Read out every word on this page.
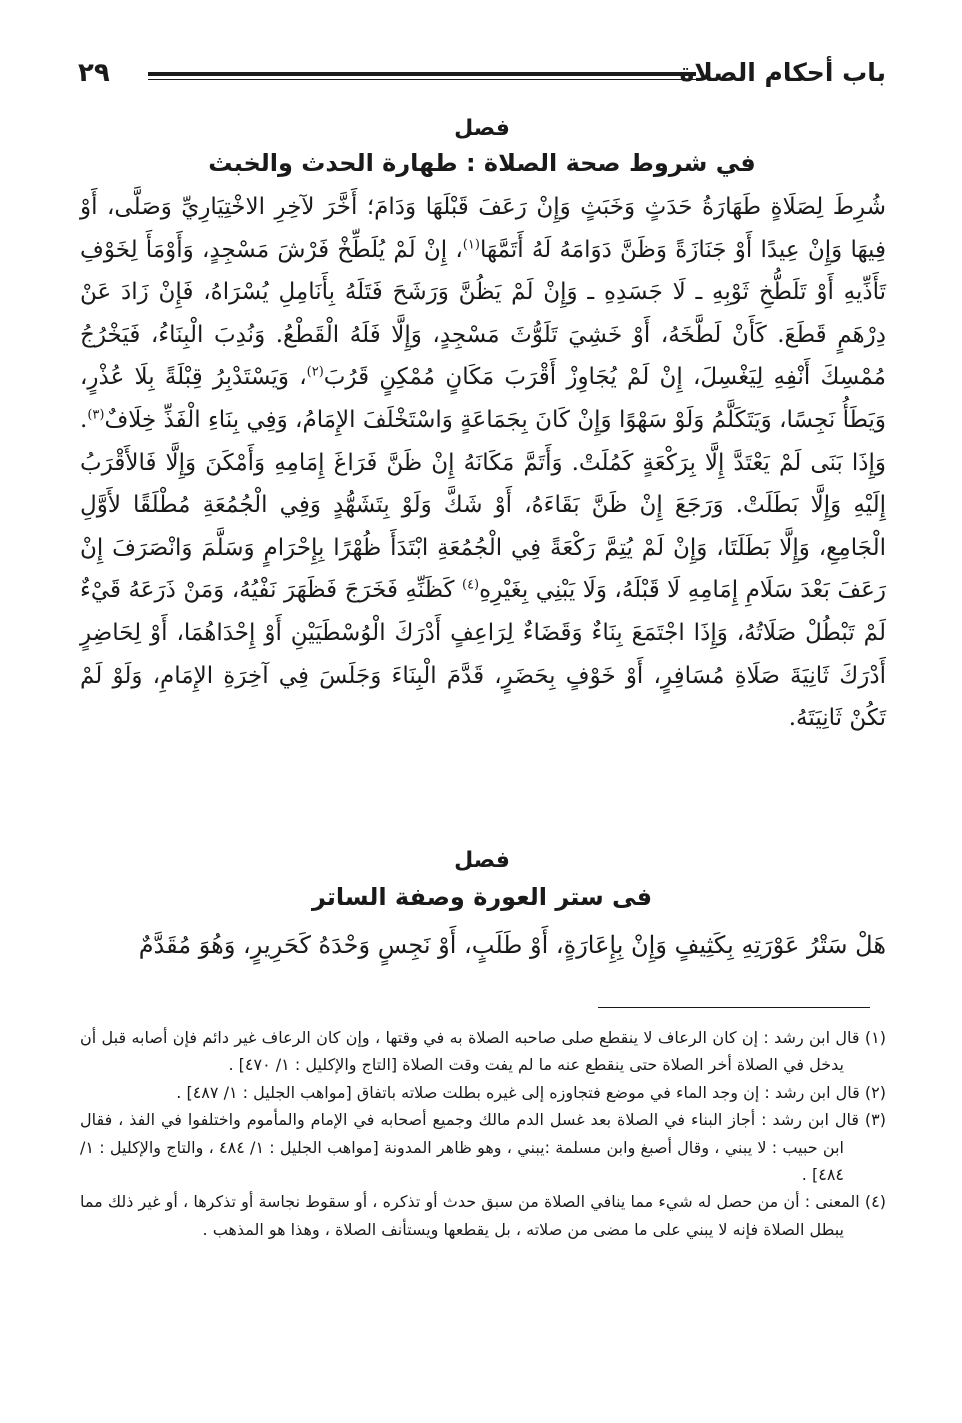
باب أحكام الصلاة
٢٩
فصل
في شروط صحة الصلاة : طهارة الحدث والخبث

شُرِطَ لِصَلَاةٍ طَهَارَةُ حَدَثٍ وَخَبَثٍ وَإِنْ رَعَفَ قَبْلَهَا وَدَامَ؛ أَخَّرَ لآخِرِ الاخْتِيَارِيِّ وَصَلَّى، أَوْ فِيهَا وَإِنْ عِيدًا أَوْ جَنَازَةً وَظَنَّ دَوَامَهُ لَهُ أَتَمَّهَا$^{(١)}$، إِنْ لَمْ يُلَطِّخْ فَرْشَ مَسْجِدٍ، وَأَوْمَأَ لِخَوْفِ تَأَذِّيهِ أَوْ تَلَطُّخِ ثَوْبِهِ ـ لَا جَسَدِهِ ـ وَإِنْ لَمْ يَظُنَّ وَرَشَحَ فَتَلَهُ بِأَنَامِلِ يُسْرَاهُ، فَإِنْ زَادَ عَنْ دِرْهَمٍ قَطَعَ. كَأَنْ لَطَّخَهُ، أَوْ خَشِيَ تَلَوُّثَ مَسْجِدٍ، وَإِلَّا فَلَهُ الْقَطْعُ. وَنُدِبَ الْبِنَاءُ، فَيَخْرُجُ مُمْسِكَ أَنْفِهِ لِيَغْسِلَ، إِنْ لَمْ يُجَاوِزْ أَقْرَبَ مَكَانٍ مُمْكِنٍ قَرُبَ$^{(٢)}$، وَيَسْتَدْبِرُ قِبْلَةً بِلَا عُذْرٍ، وَيَطَأُ نَجِسًا، وَيَتَكَلَّمُ وَلَوْ سَهْوًا وَإِنْ كَانَ بِجَمَاعَةٍ وَاسْتَخْلَفَ الإِمَامُ، وَفِي بِنَاءِ الْفَذِّ خِلَافٌ$^{(٣)}$. وَإِذَا بَنَى لَمْ يَعْتَدَّ إِلَّا بِرَكْعَةٍ كَمُلَتْ. وَأَتَمَّ مَكَانَهُ إِنْ ظَنَّ فَرَاغَ إِمَامِهِ وَأَمْكَنَ وَإِلَّا فَالأَقْرَبُ إِلَيْهِ وَإِلَّا بَطَلَتْ. وَرَجَعَ إِنْ ظَنَّ بَقَاءَهُ، أَوْ شَكَّ وَلَوْ بِتَشَهُّدٍ وَفِي الْجُمُعَةِ مُطْلَقًا لأَوَّلِ الْجَامِعِ، وَإِلَّا بَطَلَتَا، وَإِنْ لَمْ يُتِمَّ رَكْعَةً فِي الْجُمُعَةِ ابْتَدَأَ ظُهْرًا بِإِحْرَامٍ وَسَلَّمَ وَانْصَرَفَ إِنْ رَعَفَ بَعْدَ سَلَامِ إِمَامِهِ لَا قَبْلَهُ، وَلَا يَبْنِي بِغَيْرِهِ$^{(٤)}$ كَظَنِّهِ فَخَرَجَ فَظَهَرَ نَفْيُهُ، وَمَنْ ذَرَعَهُ قَيْءٌ لَمْ تَبْطُلْ صَلَاتُهُ، وَإِذَا اجْتَمَعَ بِنَاءٌ وَقَضَاءٌ لِرَاعِفٍ أَدْرَكَ الْوُسْطَيَيْنِ أَوْ إِحْدَاهُمَا، أَوْ لِحَاضِرٍ أَدْرَكَ ثَانِيَةَ صَلَاةِ مُسَافِرٍ، أَوْ خَوْفٍ بِحَضَرٍ، قَدَّمَ الْبِنَاءَ وَجَلَسَ فِي آخِرَةِ الإِمَامِ، وَلَوْ لَمْ تَكُنْ ثَانِيَتَهُ.

فصل
فى ستر العورة وصفة الساتر

هَلْ سَتْرُ عَوْرَتِهِ بِكَثِيفٍ وَإِنْ بِإِعَارَةٍ، أَوْ طَلَبٍ، أَوْ نَجِسٍ وَحْدَهُ كَحَرِيرٍ، وَهُوَ مُقَدَّمٌ

(١) قال ابن رشد : إن كان الرعاف لا ينقطع صلى صاحبه الصلاة به في وقتها ، وإن كان الرعاف غير دائم فإن أصابه قبل أن يدخل في الصلاة أخر الصلاة حتى ينقطع عنه ما لم يفت وقت الصلاة [التاج والإكليل : ١/ ٤٧٠] .

(٢) قال ابن رشد : إن وجد الماء في موضع فتجاوزه إلى غيره بطلت صلاته باتفاق [مواهب الجليل : ١/ ٤٨٧] .

(٣) قال ابن رشد : أجاز البناء في الصلاة بعد غسل الدم مالك وجميع أصحابه في الإمام والمأموم واختلفوا في الفذ ، فقال ابن حبيب : لا يبني ، وقال أصبغ وابن مسلمة :يبني ، وهو ظاهر المدونة [مواهب الجليل : ١/ ٤٨٤ ، والتاج والإكليل : ١/ ٤٨٤] .

(٤) المعنى : أن من حصل له شيء مما ينافي الصلاة من سبق حدث أو تذكره ، أو سقوط نجاسة أو تذكرها ، أو غير ذلك مما يبطل الصلاة فإنه لا يبني على ما مضى من صلاته ، بل يقطعها ويستأنف الصلاة ، وهذا هو المذهب .
